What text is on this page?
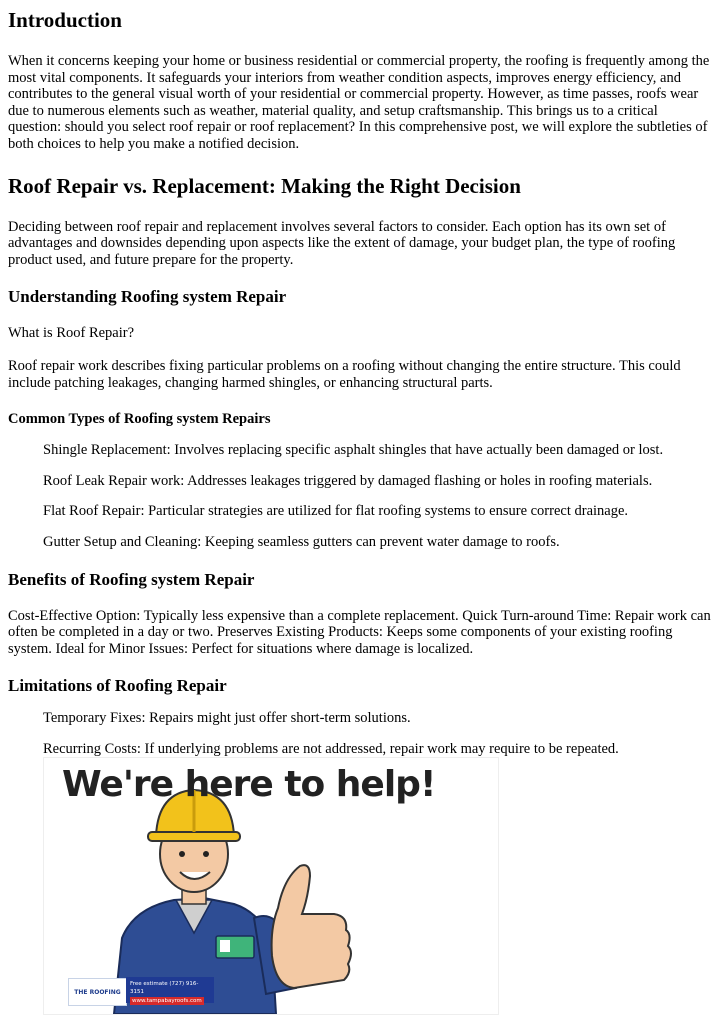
Introduction

When it concerns keeping your home or business residential or commercial property, the roofing is frequently among the most vital components. It safeguards your interiors from weather condition aspects, improves energy efficiency, and contributes to the general visual worth of your residential or commercial property. However, as time passes, roofs wear due to numerous elements such as weather, material quality, and setup craftsmanship. This brings us to a critical question: should you select roof repair or roof replacement? In this comprehensive post, we will explore the subtleties of both choices to help you make a notified decision.

Roof Repair vs. Replacement: Making the Right Decision

Deciding between roof repair and replacement involves several factors to consider. Each option has its own set of advantages and downsides depending upon aspects like the extent of damage, your budget plan, the type of roofing product used, and future prepare for the property.

Understanding Roofing system Repair

What is Roof Repair?

Roof repair work describes fixing particular problems on a roofing without changing the entire structure. This could include patching leakages, changing harmed shingles, or enhancing structural parts.

Common Types of Roofing system Repairs
Shingle Replacement: Involves replacing specific asphalt shingles that have actually been damaged or lost.
Roof Leak Repair work: Addresses leakages triggered by damaged flashing or holes in roofing materials.
Flat Roof Repair: Particular strategies are utilized for flat roofing systems to ensure correct drainage.
Gutter Setup and Cleaning: Keeping seamless gutters can prevent water damage to roofs.
Benefits of Roofing system Repair

Cost-Effective Option: Typically less expensive than a complete replacement. Quick Turn-around Time: Repair work can often be completed in a day or two. Preserves Existing Products: Keeps some components of your existing roofing system. Ideal for Minor Issues: Perfect for situations where damage is localized.

Limitations of Roofing Repair
Temporary Fixes: Repairs might just offer short-term solutions.
Recurring Costs: If underlying problems are not addressed, repair work may require to be repeated.
We're here to help!
THE ROOFING
Free estimate (727) 916-3151
www.tampabayroofs.com
